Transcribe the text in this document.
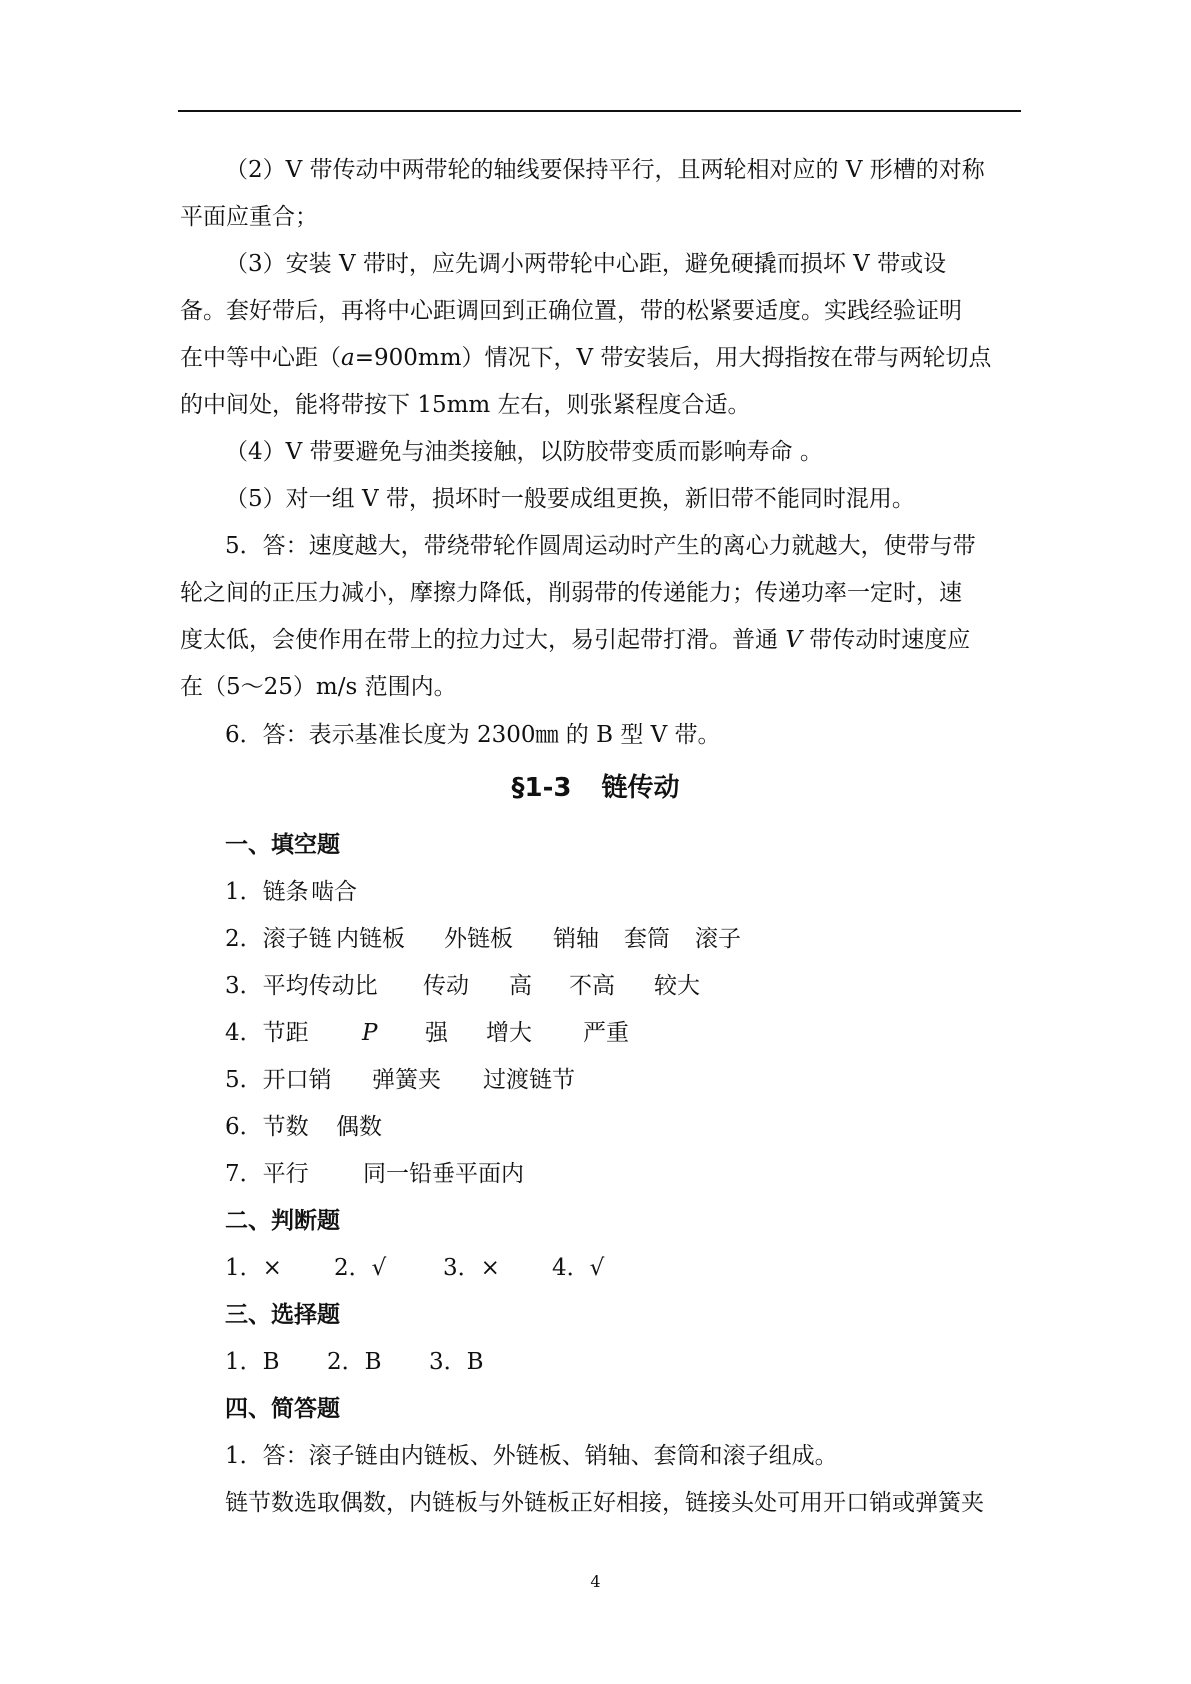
（2）V 带传动中两带轮的轴线要保持平行，且两轮相对应的 V 形槽的对称
平面应重合；
（3）安装 V 带时，应先调小两带轮中心距，避免硬撬而损坏 V 带或设
备。套好带后，再将中心距调回到正确位置，带的松紧要适度。实践经验证明
在中等中心距（a=900mm）情况下，V 带安装后，用大拇指按在带与两轮切点
的中间处，能将带按下 15mm 左右，则张紧程度合适。
（4）V 带要避免与油类接触，以防胶带变质而影响寿命 。
（5）对一组 V 带，损坏时一般要成组更换，新旧带不能同时混用。
5．答：速度越大，带绕带轮作圆周运动时产生的离心力就越大，使带与带
轮之间的正压力减小，摩擦力降低，削弱带的传递能力；传递功率一定时，速
度太低，会使作用在带上的拉力过大，易引起带打滑。普通 V 带传动时速度应
在（5～25）m/s 范围内。
6．答：表示基准长度为 2300㎜ 的 B 型 V 带。
§1-3 链传动
一、填空题
1．链条 啮合
2．滚子链 内链板 外链板 销轴 套筒 滚子
3．平均传动比 传动 高 不高 较大
4．节距 P 强 增大 严重
5．开口销 弹簧夹 过渡链节
6．节数 偶数
7．平行 同一铅垂平面内
二、判断题
1．× 2．√ 3．× 4．√
三、选择题
1．B 2．B 3．B
四、简答题
1．答：滚子链由内链板、外链板、销轴、套筒和滚子组成。
链节数选取偶数，内链板与外链板正好相接，链接头处可用开口销或弹簧夹
4
